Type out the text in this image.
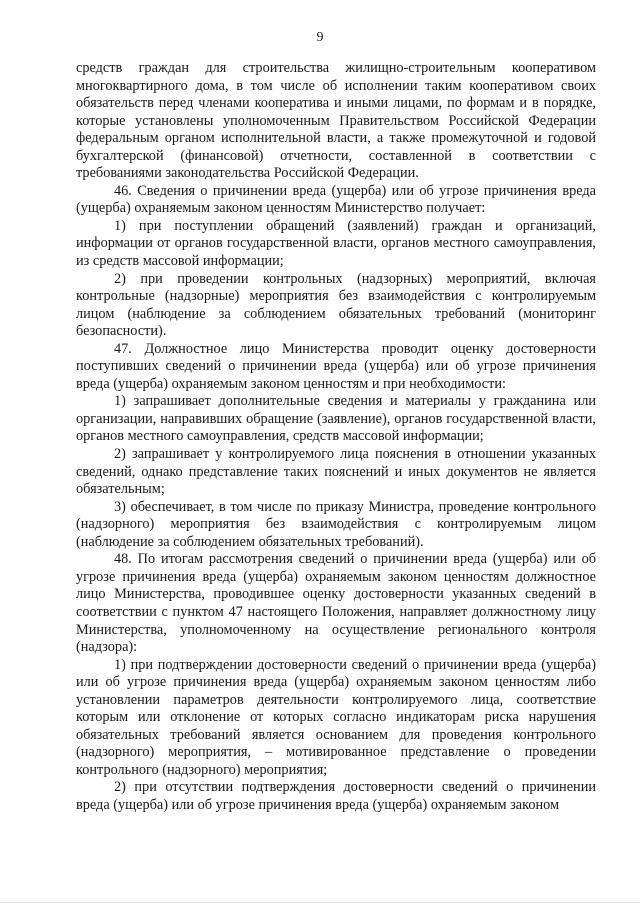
9

средств граждан для строительства жилищно-строительным кооперативом многоквартирного дома, в том числе об исполнении таким кооперативом своих обязательств перед членами кооператива и иными лицами, по формам и в порядке, которые установлены уполномоченным Правительством Российской Федерации федеральным органом исполнительной власти, а также промежуточной и годовой бухгалтерской (финансовой) отчетности, составленной в соответствии с требованиями законодательства Российской Федерации.

46. Сведения о причинении вреда (ущерба) или об угрозе причинения вреда (ущерба) охраняемым законом ценностям Министерство получает:

1) при поступлении обращений (заявлений) граждан и организаций, информации от органов государственной власти, органов местного самоуправления, из средств массовой информации;

2) при проведении контрольных (надзорных) мероприятий, включая контрольные (надзорные) мероприятия без взаимодействия с контролируемым лицом (наблюдение за соблюдением обязательных требований (мониторинг безопасности).

47. Должностное лицо Министерства проводит оценку достоверности поступивших сведений о причинении вреда (ущерба) или об угрозе причинения вреда (ущерба) охраняемым законом ценностям и при необходимости:

1) запрашивает дополнительные сведения и материалы у гражданина или организации, направивших обращение (заявление), органов государственной власти, органов местного самоуправления, средств массовой информации;

2) запрашивает у контролируемого лица пояснения в отношении указанных сведений, однако представление таких пояснений и иных документов не является обязательным;

3) обеспечивает, в том числе по приказу Министра, проведение контрольного (надзорного) мероприятия без взаимодействия с контролируемым лицом (наблюдение за соблюдением обязательных требований).

48. По итогам рассмотрения сведений о причинении вреда (ущерба) или об угрозе причинения вреда (ущерба) охраняемым законом ценностям должностное лицо Министерства, проводившее оценку достоверности указанных сведений в соответствии с пунктом 47 настоящего Положения, направляет должностному лицу Министерства, уполномоченному на осуществление регионального контроля (надзора):

1) при подтверждении достоверности сведений о причинении вреда (ущерба) или об угрозе причинения вреда (ущерба) охраняемым законом ценностям либо установлении параметров деятельности контролируемого лица, соответствие которым или отклонение от которых согласно индикаторам риска нарушения обязательных требований является основанием для проведения контрольного (надзорного) мероприятия, – мотивированное представление о проведении контрольного (надзорного) мероприятия;

2) при отсутствии подтверждения достоверности сведений о причинении вреда (ущерба) или об угрозе причинения вреда (ущерба) охраняемым законом
